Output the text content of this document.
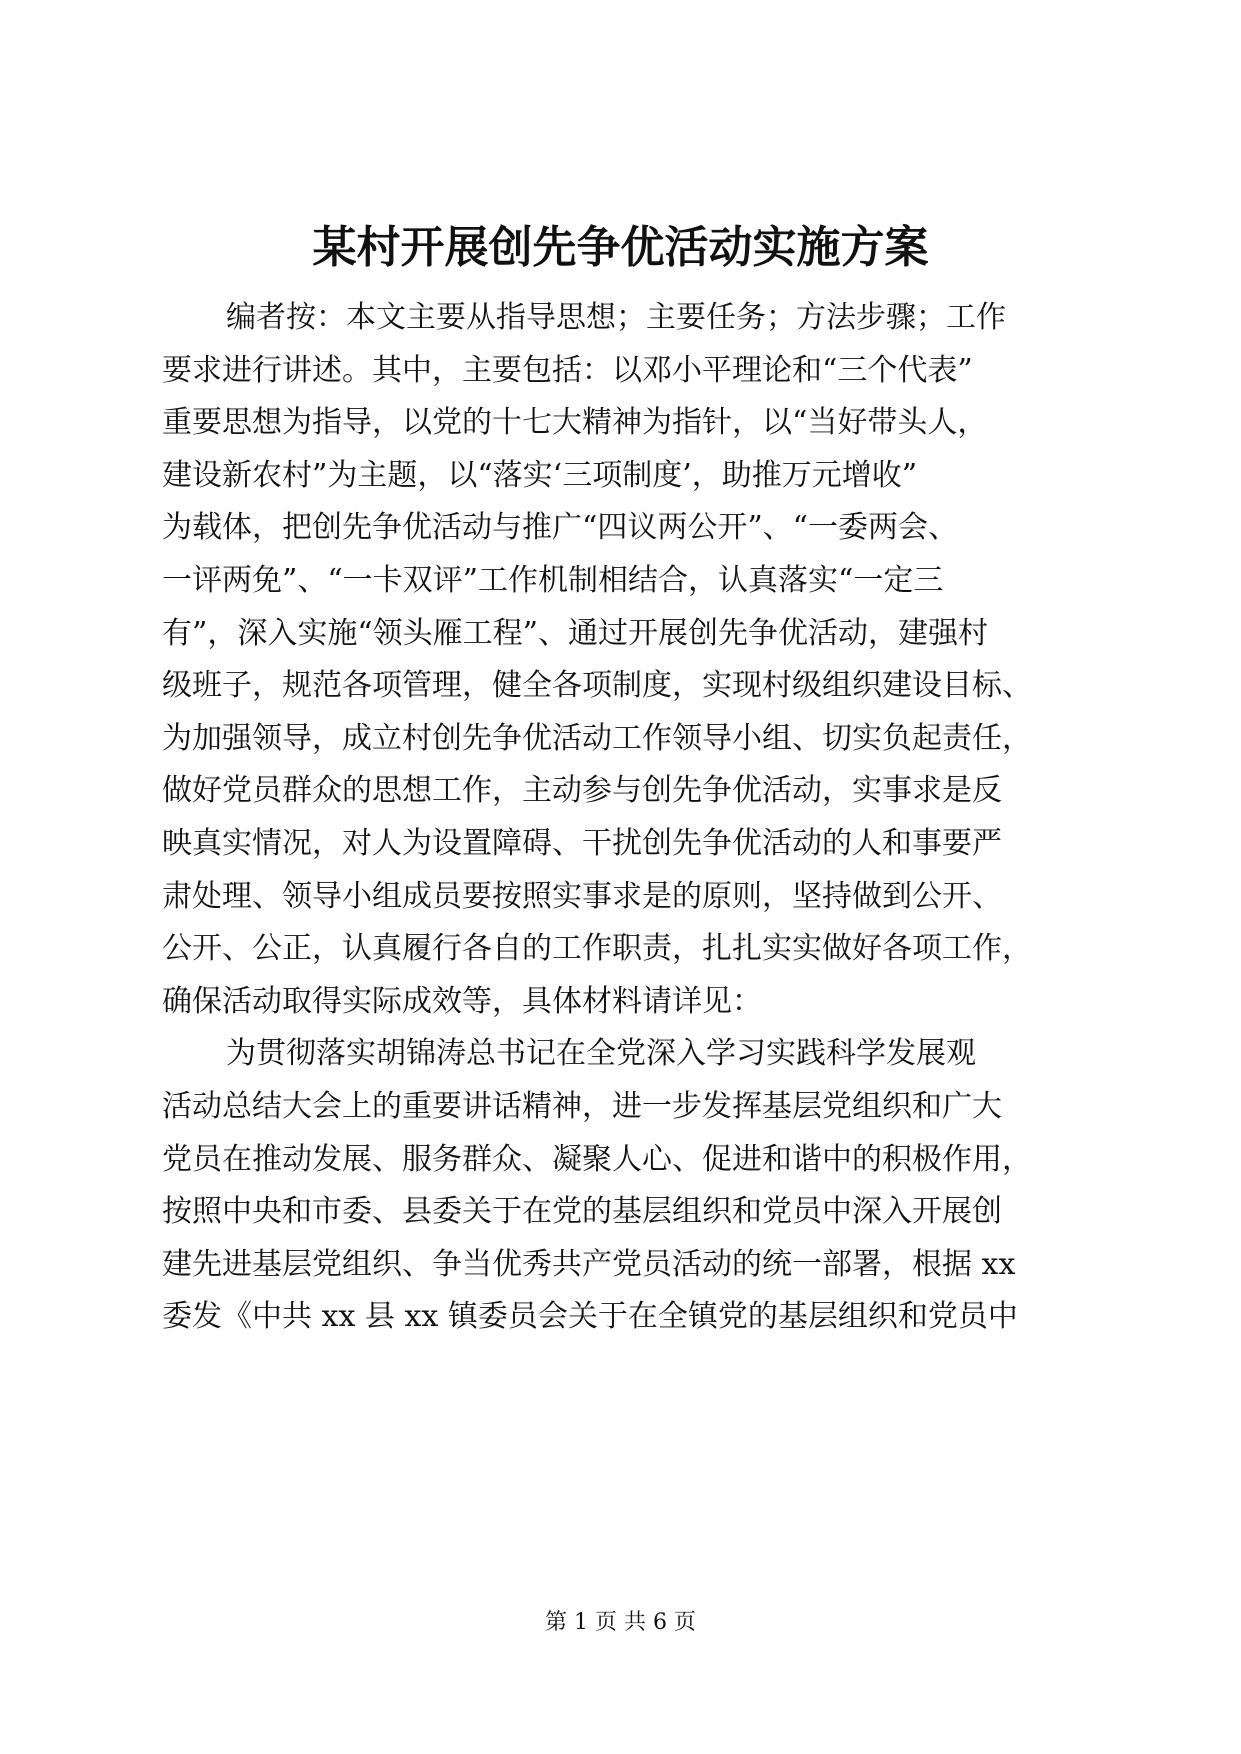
某村开展创先争优活动实施方案
编者按：本文主要从指导思想；主要任务；方法步骤；工作
要求进行讲述。其中，主要包括：以邓小平理论和“三个代表”
重要思想为指导，以党的十七大精神为指针，以“当好带头人，
建设新农村”为主题，以“落实‘三项制度’，助推万元增收”
为载体，把创先争优活动与推广“四议两公开”、“一委两会、
一评两免”、“一卡双评”工作机制相结合，认真落实“一定三
有”，深入实施“领头雁工程”、通过开展创先争优活动，建强村
级班子，规范各项管理，健全各项制度，实现村级组织建设目标、
为加强领导，成立村创先争优活动工作领导小组、切实负起责任，
做好党员群众的思想工作，主动参与创先争优活动，实事求是反
映真实情况，对人为设置障碍、干扰创先争优活动的人和事要严
肃处理、领导小组成员要按照实事求是的原则，坚持做到公开、
公开、公正，认真履行各自的工作职责，扎扎实实做好各项工作，
确保活动取得实际成效等，具体材料请详见：
为贯彻落实胡锦涛总书记在全党深入学习实践科学发展观
活动总结大会上的重要讲话精神，进一步发挥基层党组织和广大
党员在推动发展、服务群众、凝聚人心、促进和谐中的积极作用，
按照中央和市委、县委关于在党的基层组织和党员中深入开展创
建先进基层党组织、争当优秀共产党员活动的统一部署，根据 xx
委发《中共 xx 县 xx 镇委员会关于在全镇党的基层组织和党员中
第 1 页 共 6 页
